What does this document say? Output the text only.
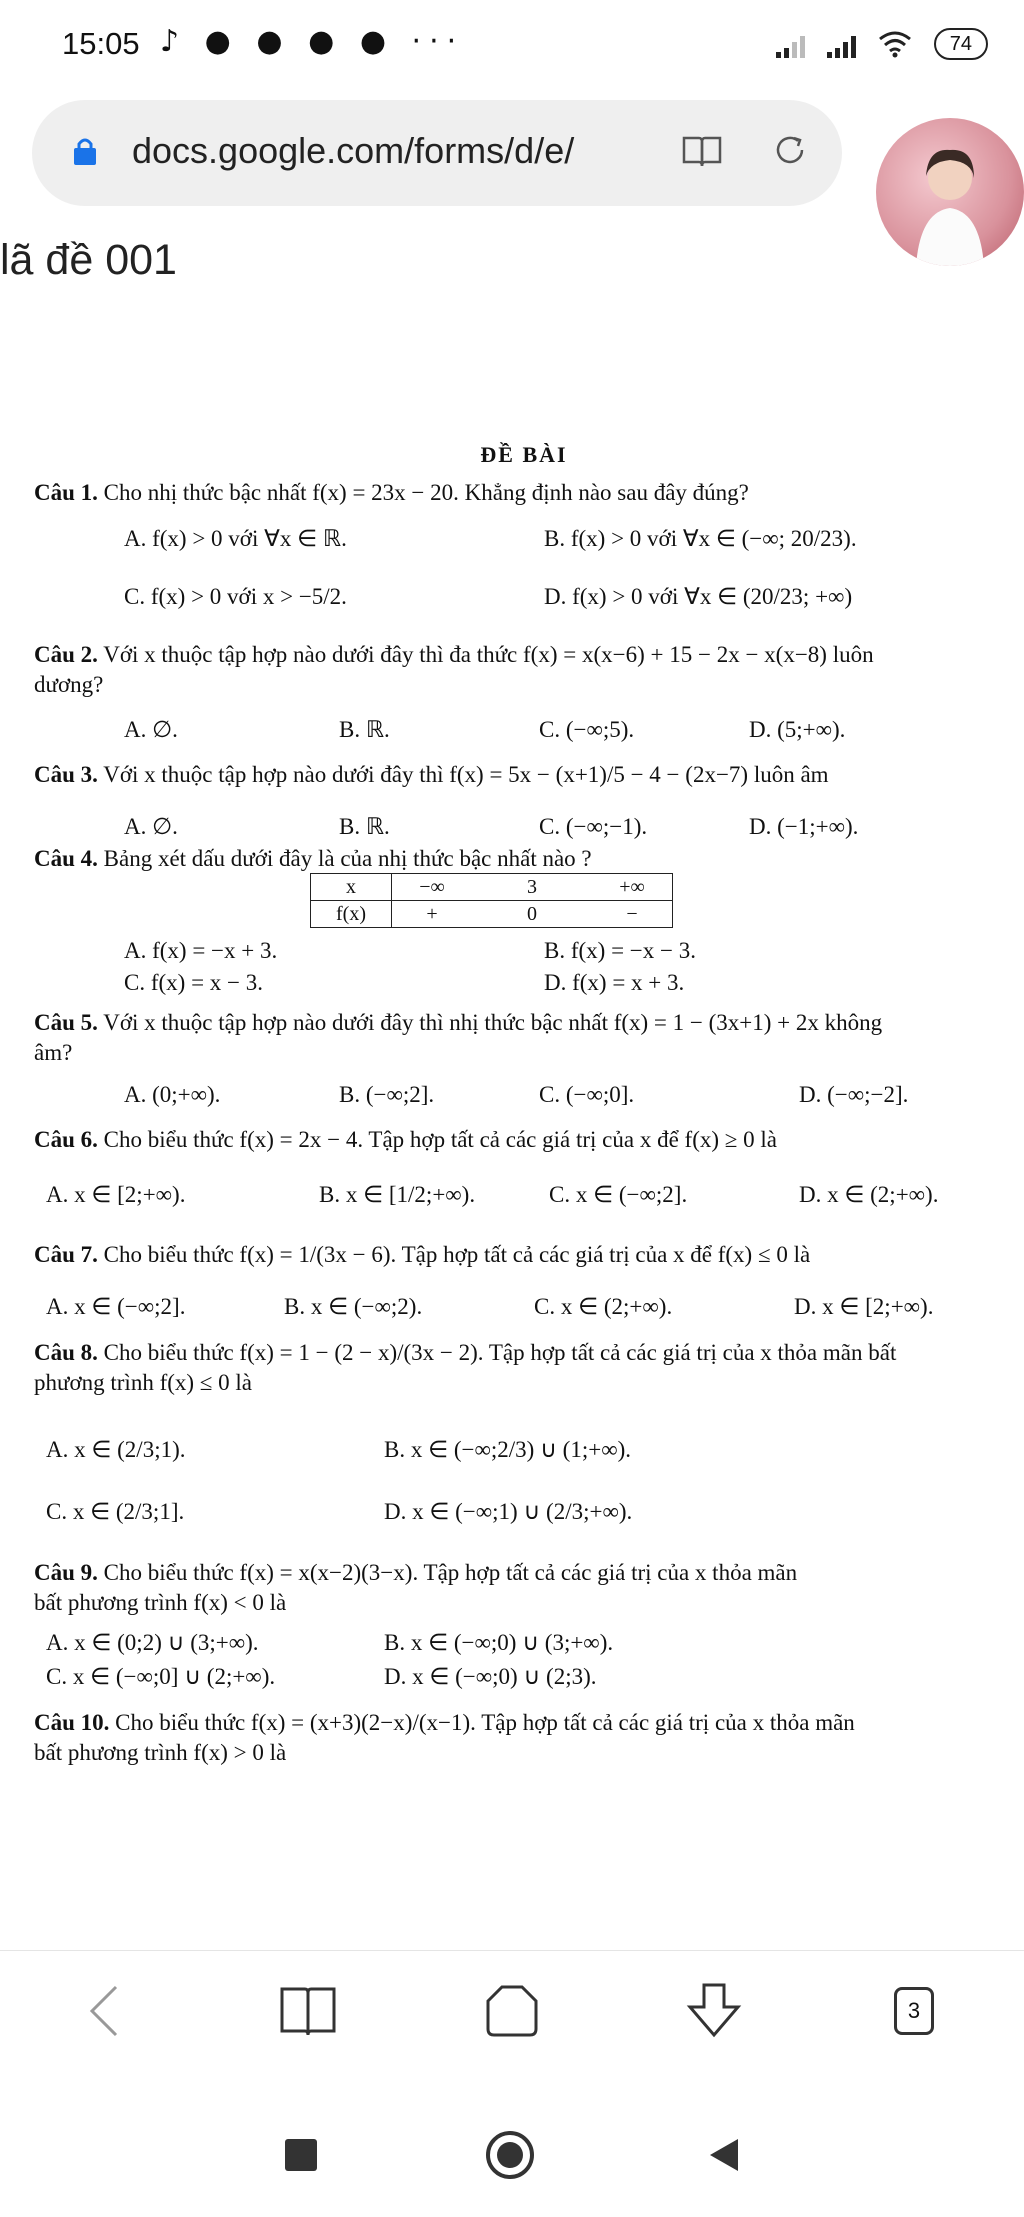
15:05 ♪ ● ● ● ● ···	74
docs.google.com/forms/d/e/
lã đề 001
ĐỀ BÀI
Câu 1. Cho nhị thức bậc nhất f(x) = 23x − 20. Khẳng định nào sau đây đúng?
A. f(x) > 0 với ∀x ∈ ℝ.	B. f(x) > 0 với ∀x ∈ (−∞; 20/23).
C. f(x) > 0 với x > −5/2.	D. f(x) > 0 với ∀x ∈ (20/23; +∞)
Câu 2. Với x thuộc tập hợp nào dưới đây thì đa thức f(x) = x(x−6) + 15 − 2x − x(x−8) luôn
dương?
A. ∅.	B. ℝ.	C. (−∞;5).	D. (5;+∞).
Câu 3. Với x thuộc tập hợp nào dưới đây thì f(x) = 5x − (x+1)/5 − 4 − (2x−7) luôn âm
A. ∅.	B. ℝ.	C. (−∞;−1).	D. (−1;+∞).
Câu 4. Bảng xét dấu dưới đây là của nhị thức bậc nhất nào ?
A. f(x) = −x + 3.	B. f(x) = −x − 3.
C. f(x) = x − 3.	D. f(x) = x + 3.
Câu 5. Với x thuộc tập hợp nào dưới đây thì nhị thức bậc nhất f(x) = 1 − (3x+1) + 2x không
âm?
A. (0;+∞).	B. (−∞;2].	C. (−∞;0].	D. (−∞;−2].
Câu 6. Cho biểu thức f(x) = 2x − 4. Tập hợp tất cả các giá trị của x để f(x) ≥ 0 là
A. x ∈ [2;+∞).	B. x ∈ [1/2;+∞).	C. x ∈ (−∞;2].	D. x ∈ (2;+∞).
Câu 7. Cho biểu thức f(x) = 1/(3x − 6). Tập hợp tất cả các giá trị của x để f(x) ≤ 0 là
A. x ∈ (−∞;2].	B. x ∈ (−∞;2).	C. x ∈ (2;+∞).	D. x ∈ [2;+∞).
Câu 8. Cho biểu thức f(x) = 1 − (2 − x)/(3x − 2). Tập hợp tất cả các giá trị của x thỏa mãn bất
phương trình f(x) ≤ 0 là
A. x ∈ (2/3;1).	B. x ∈ (−∞;2/3) ∪ (1;+∞).
C. x ∈ (2/3;1].	D. x ∈ (−∞;1) ∪ (2/3;+∞).
Câu 9. Cho biểu thức f(x) = x(x−2)(3−x). Tập hợp tất cả các giá trị của x thỏa mãn
bất phương trình f(x) < 0 là
A. x ∈ (0;2) ∪ (3;+∞).	B. x ∈ (−∞;0) ∪ (3;+∞).
C. x ∈ (−∞;0] ∪ (2;+∞).	D. x ∈ (−∞;0) ∪ (2;3).
Câu 10. Cho biểu thức f(x) = (x+3)(2−x)/(x−1). Tập hợp tất cả các giá trị của x thỏa mãn
bất phương trình f(x) > 0 là
x	−∞	3	+∞
f(x)	+	0	−
3
